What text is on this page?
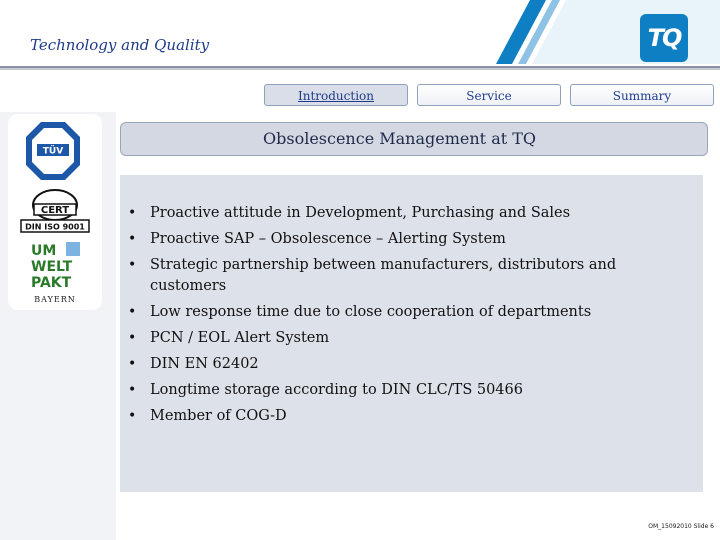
Technology and Quality	TQ
Introduction	Service	Summary
TÜV
CERT
DIN ISO 9001
UM
WELT
PAKT
BAYERN
Obsolescence Management at TQ
• Proactive attitude in Development, Purchasing and Sales
• Proactive SAP – Obsolescence – Alerting System
• Strategic partnership between manufacturers, distributors and customers
• Low response time due to close cooperation of departments
• PCN / EOL Alert System
• DIN EN 62402
• Longtime storage according to DIN CLC/TS 50466
• Member of COG-D
OM_15092010 Slide 6
